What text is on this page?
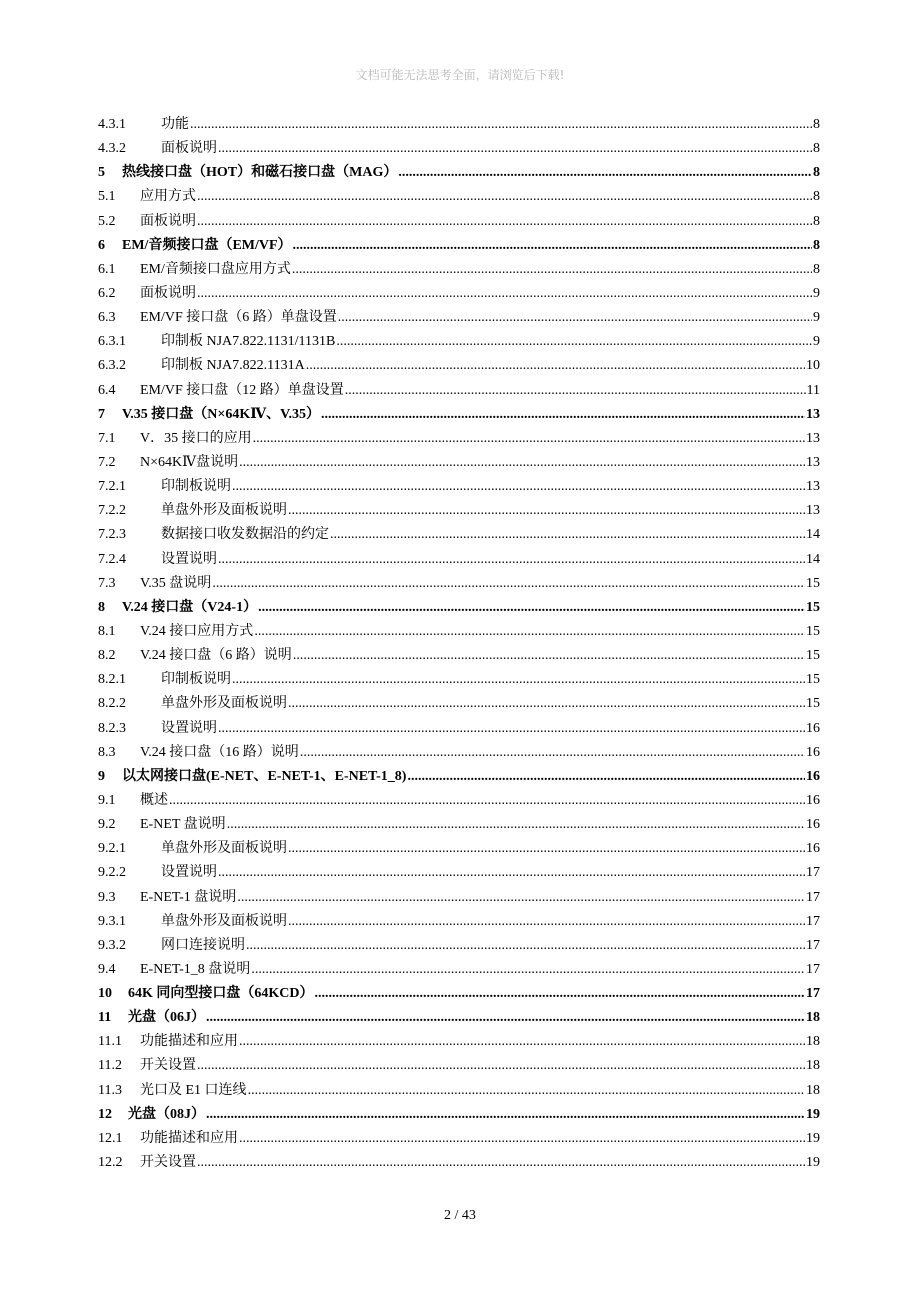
文档可能无法思考全面，请浏览后下载!
4.3.1	功能 .....	8
4.3.2	面板说明 .....	8
5	热线接口盘（HOT）和磁石接口盘（MAG） .....	8
5.1	应用方式 .....	8
5.2	面板说明 .....	8
6	EM/音频接口盘（EM/VF） .....	8
6.1	EM/音频接口盘应用方式 .....	8
6.2	面板说明 .....	9
6.3	EM/VF 接口盘（6 路）单盘设置 .....	9
6.3.1	印制板 NJA7.822.1131/1131B .....	9
6.3.2	印制板 NJA7.822.1131A .....	10
6.4	EM/VF 接口盘（12 路）单盘设置 .....	11
7	V.35 接口盘（N×64KⅣ、V.35） .....	13
7.1	V．35 接口的应用 .....	13
7.2	N×64KⅣ盘说明 .....	13
7.2.1	印制板说明 .....	13
7.2.2	单盘外形及面板说明 .....	13
7.2.3	数据接口收发数据沿的约定 .....	14
7.2.4	设置说明 .....	14
7.3	V.35 盘说明 .....	15
8	V.24 接口盘（V24-1） .....	15
8.1	V.24 接口应用方式 .....	15
8.2	V.24 接口盘（6 路）说明 .....	15
8.2.1	印制板说明 .....	15
8.2.2	单盘外形及面板说明 .....	15
8.2.3	设置说明 .....	16
8.3	V.24 接口盘（16 路）说明 .....	16
9	以太网接口盘(E-NET、E-NET-1、E-NET-1_8) .....	16
9.1	概述 .....	16
9.2	E-NET 盘说明 .....	16
9.2.1	单盘外形及面板说明 .....	16
9.2.2	设置说明 .....	17
9.3	E-NET-1 盘说明 .....	17
9.3.1	单盘外形及面板说明 .....	17
9.3.2	网口连接说明 .....	17
9.4	E-NET-1_8 盘说明 .....	17
10	64K 同向型接口盘（64KCD） .....	17
11	光盘（06J） .....	18
11.1	功能描述和应用 .....	18
11.2	开关设置 .....	18
11.3	光口及 E1 口连线 .....	18
12	光盘（08J） .....	19
12.1	功能描述和应用 .....	19
12.2	开关设置 .....	19
2 / 43
